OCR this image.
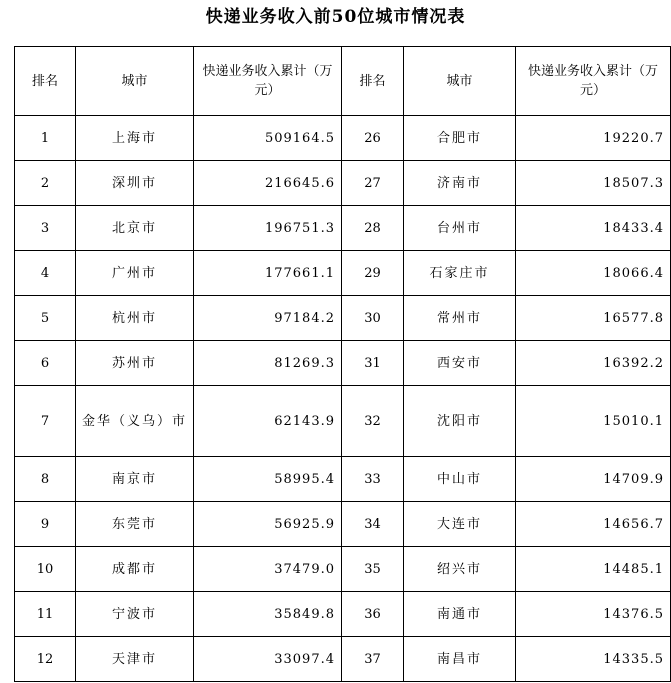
快递业务收入前50位城市情况表
排名	城市	快递业务收入累计（万元）	排名	城市	快递业务收入累计（万元）
1	上海市	509164.5	26	合肥市	19220.7
2	深圳市	216645.6	27	济南市	18507.3
3	北京市	196751.3	28	台州市	18433.4
4	广州市	177661.1	29	石家庄市	18066.4
5	杭州市	97184.2	30	常州市	16577.8
6	苏州市	81269.3	31	西安市	16392.2
7	金华（义乌）市	62143.9	32	沈阳市	15010.1
8	南京市	58995.4	33	中山市	14709.9
9	东莞市	56925.9	34	大连市	14656.7
10	成都市	37479.0	35	绍兴市	14485.1
11	宁波市	35849.8	36	南通市	14376.5
12	天津市	33097.4	37	南昌市	14335.5
